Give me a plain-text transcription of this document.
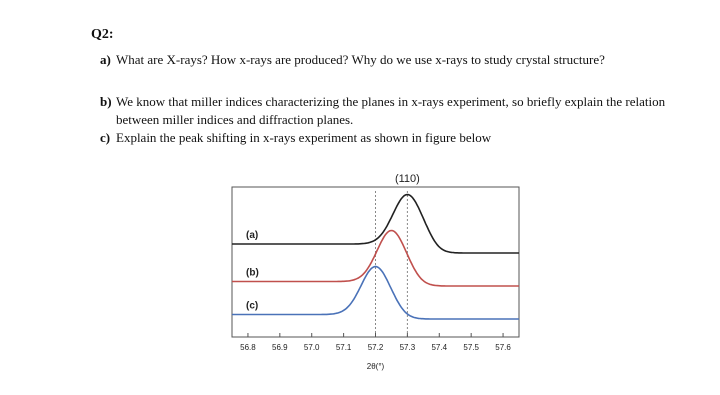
Q2:
a) What are X-rays? How x-rays are produced? Why do we use x-rays to study crystal structure?
b) We know that miller indices characterizing the planes in x-rays experiment, so briefly explain the relation between miller indices and diffraction planes.
c) Explain the peak shifting in x-rays experiment as shown in figure below
56.8 56.9 57.0 57.1 57.2 57.3 57.4 57.5 57.6
2θ(°)
(110)
(a)
(b)
(c)
